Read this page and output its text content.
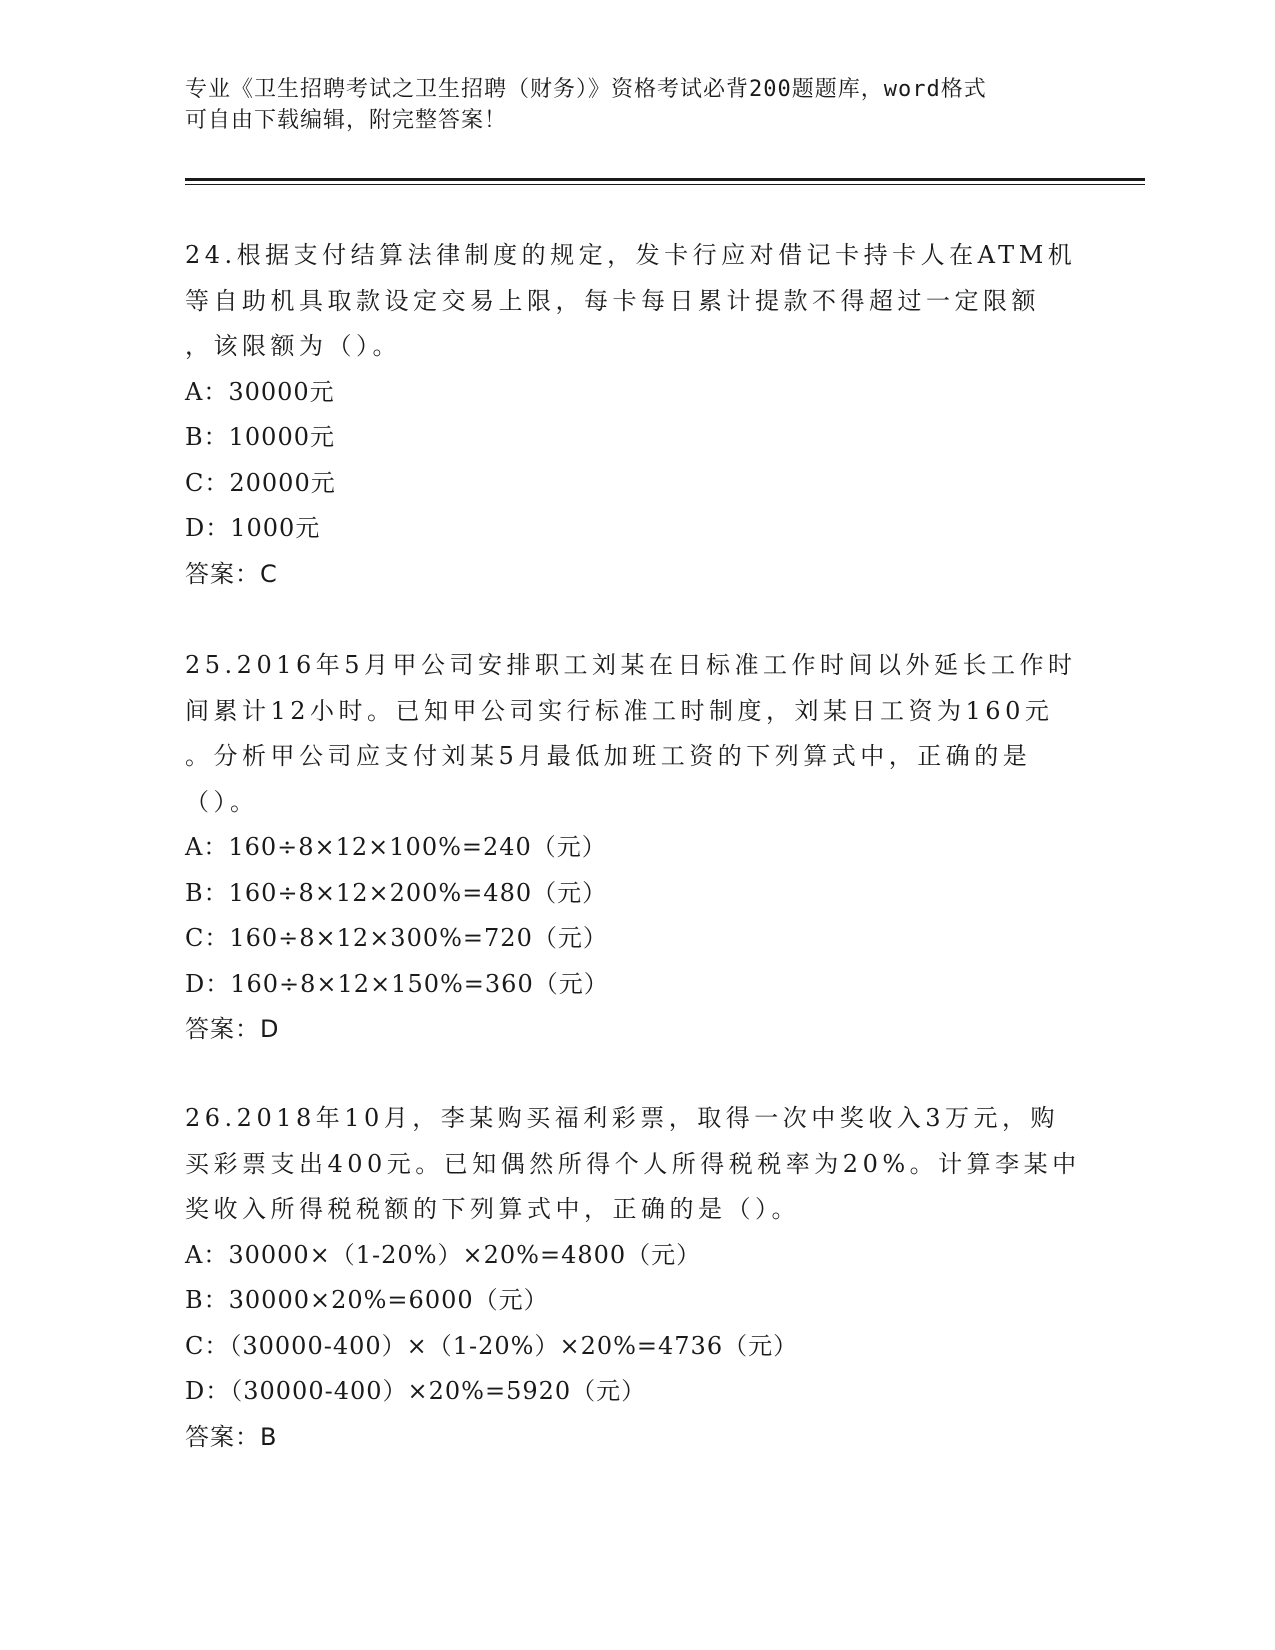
专业《卫生招聘考试之卫生招聘（财务）》资格考试必背200题题库，word格式
可自由下载编辑，附完整答案！
24.根据支付结算法律制度的规定，发卡行应对借记卡持卡人在ATM机
等自助机具取款设定交易上限，每卡每日累计提款不得超过一定限额
，该限额为（）。
A：30000元
B：10000元
C：20000元
D：1000元
答案：C
25.2016年5月甲公司安排职工刘某在日标准工作时间以外延长工作时
间累计12小时。已知甲公司实行标准工时制度，刘某日工资为160元
。分析甲公司应支付刘某5月最低加班工资的下列算式中，正确的是
（）。
A：160÷8×12×100%=240（元）
B：160÷8×12×200%=480（元）
C：160÷8×12×300%=720（元）
D：160÷8×12×150%=360（元）
答案：D
26.2018年10月，李某购买福利彩票，取得一次中奖收入3万元，购
买彩票支出400元。已知偶然所得个人所得税税率为20%。计算李某中
奖收入所得税税额的下列算式中，正确的是（）。
A：30000×（1-20%）×20%=4800（元）
B：30000×20%=6000（元）
C：（30000-400）×（1-20%）×20%=4736（元）
D：（30000-400）×20%=5920（元）
答案：B
